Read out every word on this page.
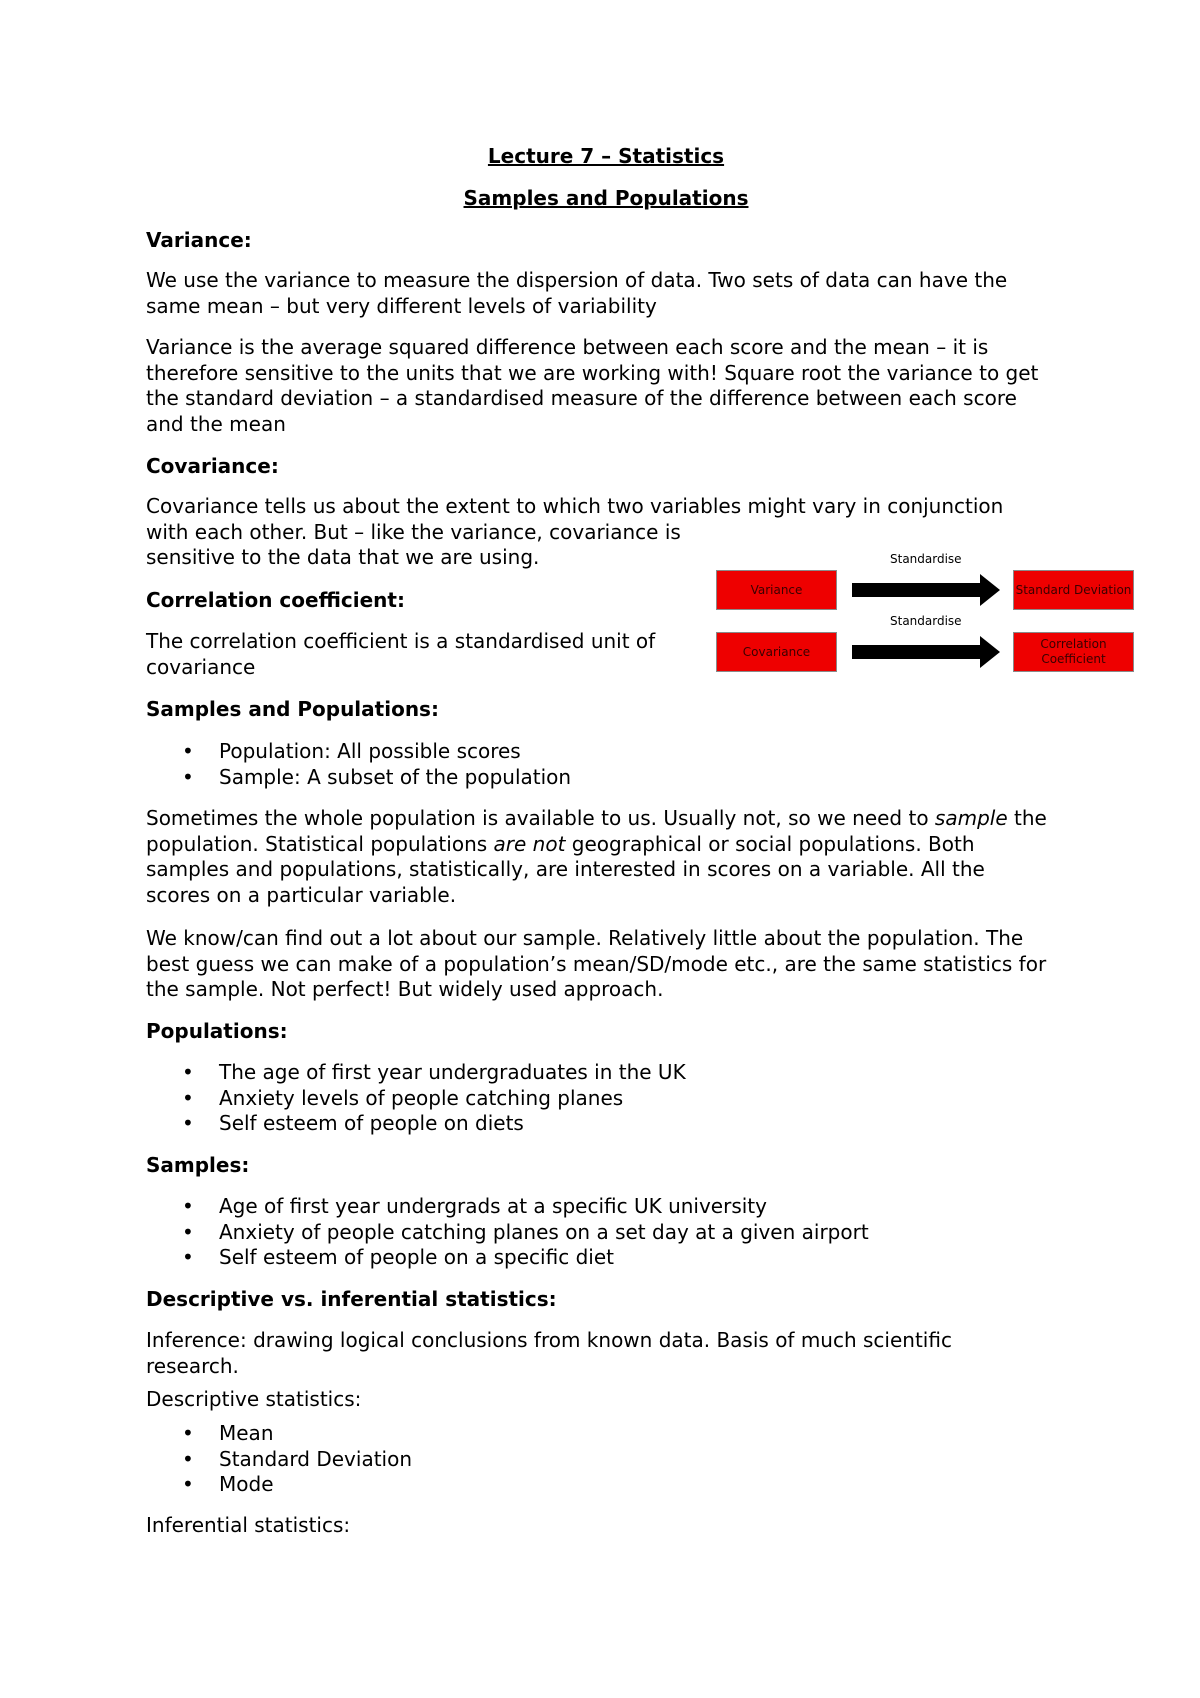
Lecture 7 – Statistics

Samples and Populations

Variance:

We use the variance to measure the dispersion of data. Two sets of data can have the
same mean – but very different levels of variability
Variance is the average squared difference between each score and the mean – it is
therefore sensitive to the units that we are working with! Square root the variance to get
the standard deviation – a standardised measure of the difference between each score
and the mean

Covariance:

Covariance tells us about the extent to which two variables might vary in conjunction
with each other. But – like the variance, covariance is
sensitive to the data that we are using.

Correlation coefficient:

The correlation coefficient is a standardised unit of
covariance

Samples and Populations:

• Population: All possible scores
• Sample: A subset of the population
Sometimes the whole population is available to us. Usually not, so we need to sample the
population. Statistical populations are not geographical or social populations. Both
samples and populations, statistically, are interested in scores on a variable. All the
scores on a particular variable.
We know/can find out a lot about our sample. Relatively little about the population. The
best guess we can make of a population’s mean/SD/mode etc., are the same statistics for
the sample. Not perfect! But widely used approach.

Populations:

• The age of first year undergraduates in the UK
• Anxiety levels of people catching planes
• Self esteem of people on diets

Samples:

• Age of first year undergrads at a specific UK university
• Anxiety of people catching planes on a set day at a given airport
• Self esteem of people on a specific diet

Descriptive vs. inferential statistics:

Inference: drawing logical conclusions from known data. Basis of much scientific
research.

Descriptive statistics:

• Mean
• Standard Deviation
• Mode

Inferential statistics:

Variance
Standardise
Standard Deviation
Covariance
Standardise
Correlation Coefficient
